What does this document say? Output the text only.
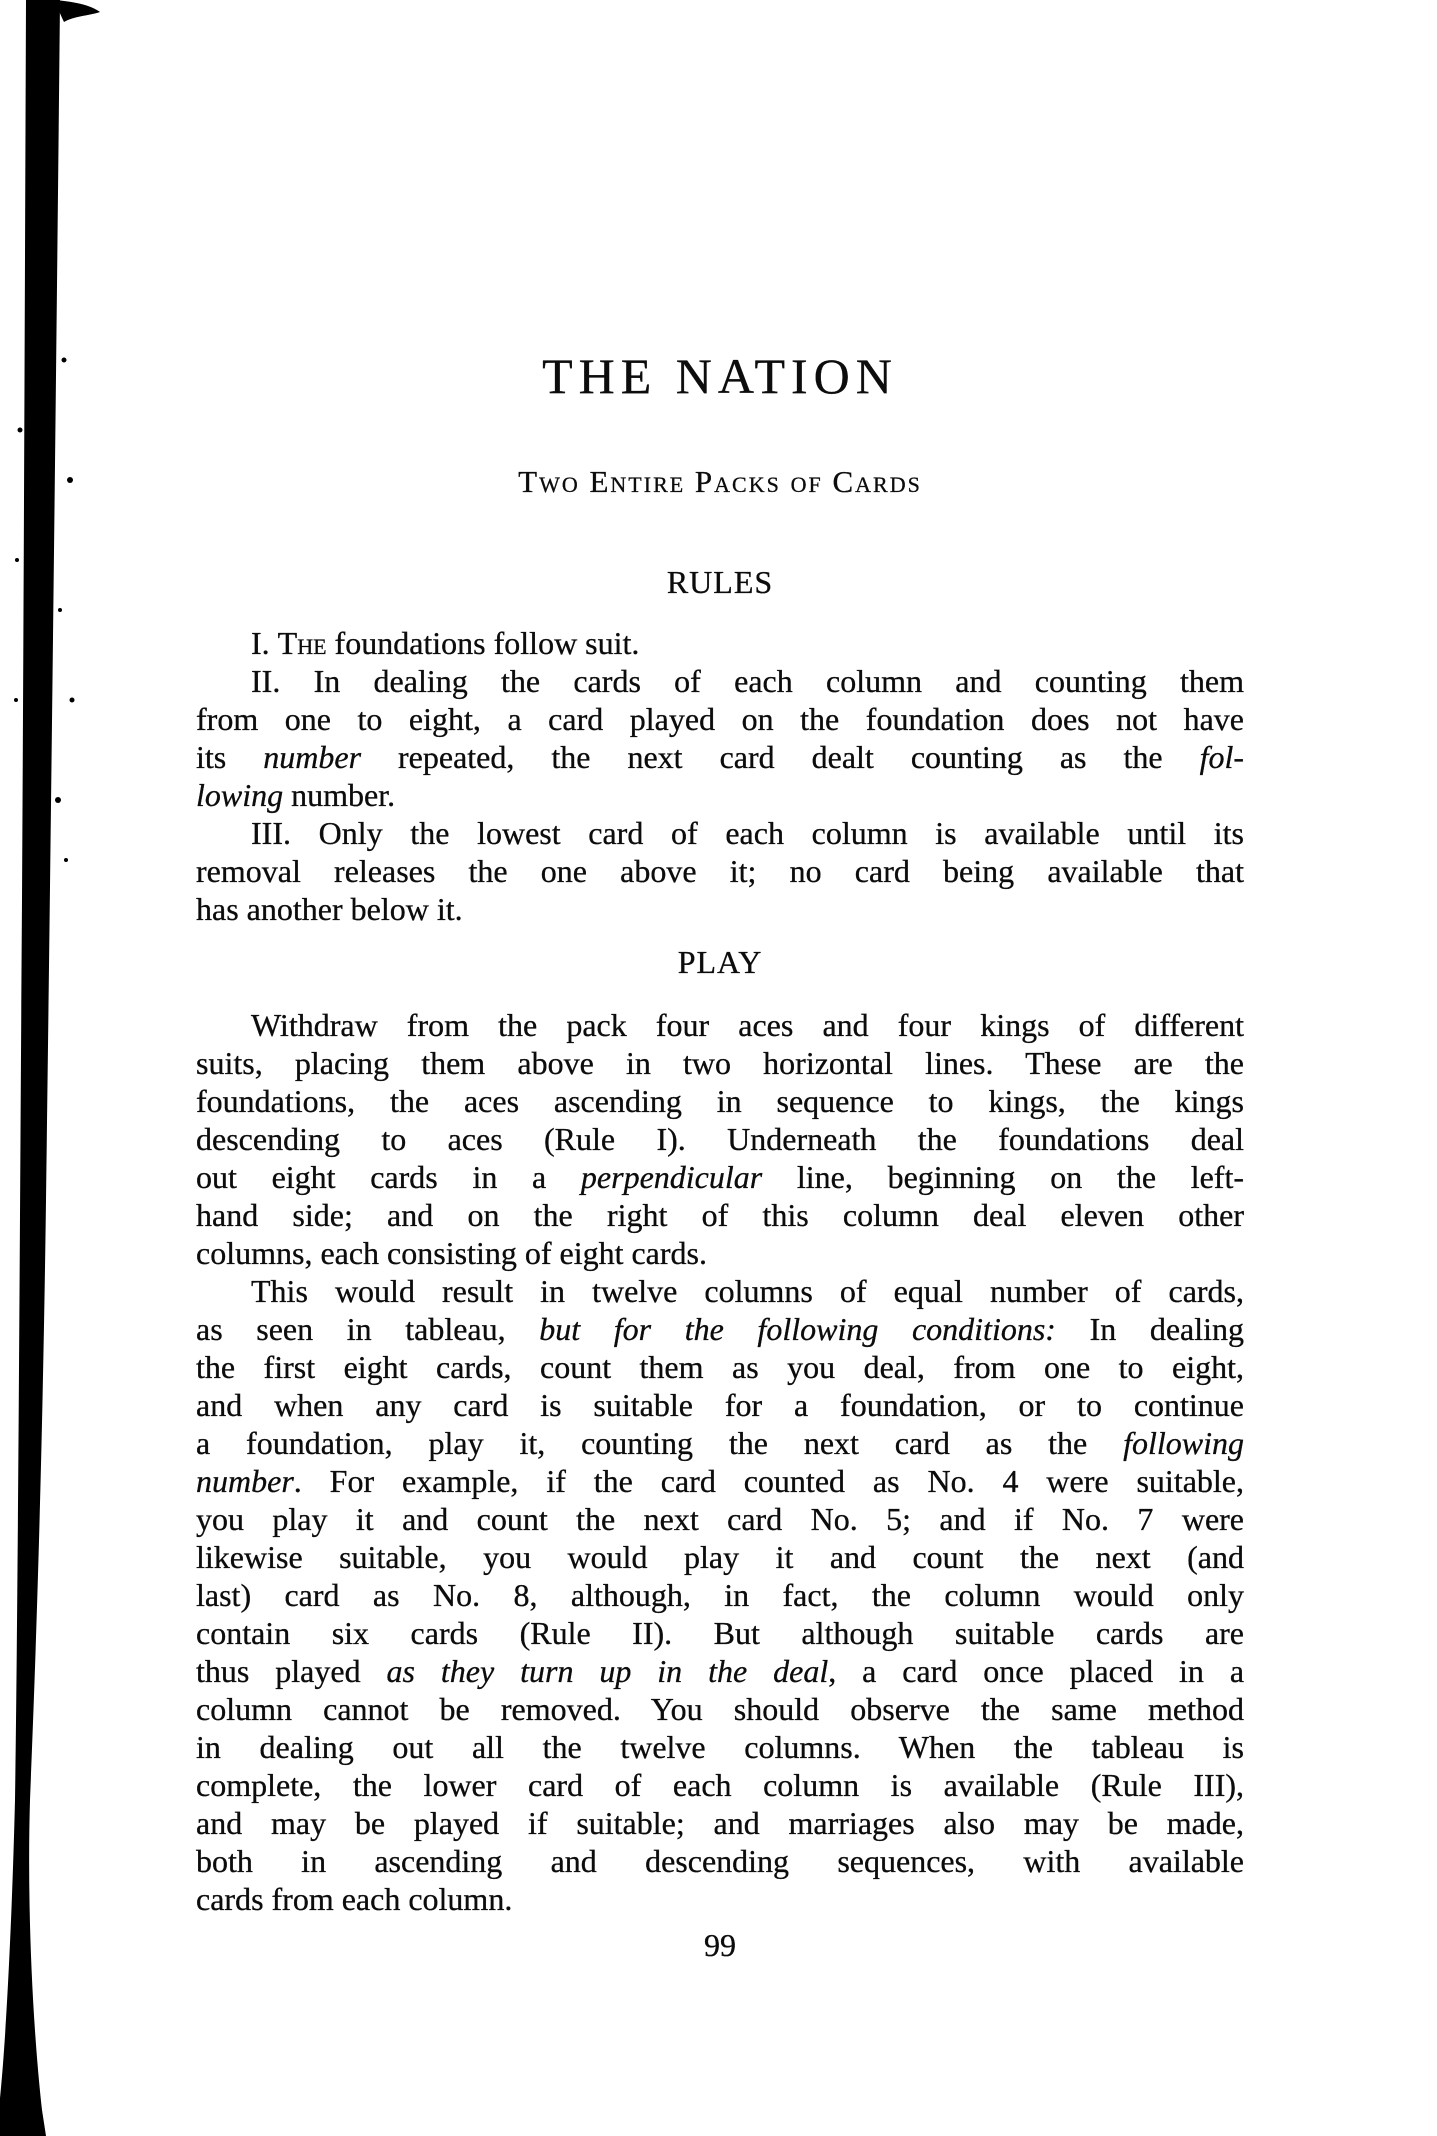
THE NATION
Two Entire Packs of Cards
RULES
I. The foundations follow suit.
II. In dealing the cards of each column and counting them
from one to eight, a card played on the foundation does not have
its number repeated, the next card dealt counting as the fol-
lowing number.
III. Only the lowest card of each column is available until its
removal releases the one above it; no card being available that
has another below it.
PLAY
Withdraw from the pack four aces and four kings of different
suits, placing them above in two horizontal lines. These are the
foundations, the aces ascending in sequence to kings, the kings
descending to aces (Rule I). Underneath the foundations deal
out eight cards in a perpendicular line, beginning on the left-
hand side; and on the right of this column deal eleven other
columns, each consisting of eight cards.
This would result in twelve columns of equal number of cards,
as seen in tableau, but for the following conditions: In dealing
the first eight cards, count them as you deal, from one to eight,
and when any card is suitable for a foundation, or to continue
a foundation, play it, counting the next card as the following
number. For example, if the card counted as No. 4 were suitable,
you play it and count the next card No. 5; and if No. 7 were
likewise suitable, you would play it and count the next (and
last) card as No. 8, although, in fact, the column would only
contain six cards (Rule II). But although suitable cards are
thus played as they turn up in the deal, a card once placed in a
column cannot be removed. You should observe the same method
in dealing out all the twelve columns. When the tableau is
complete, the lower card of each column is available (Rule III),
and may be played if suitable; and marriages also may be made,
both in ascending and descending sequences, with available
cards from each column.
99
